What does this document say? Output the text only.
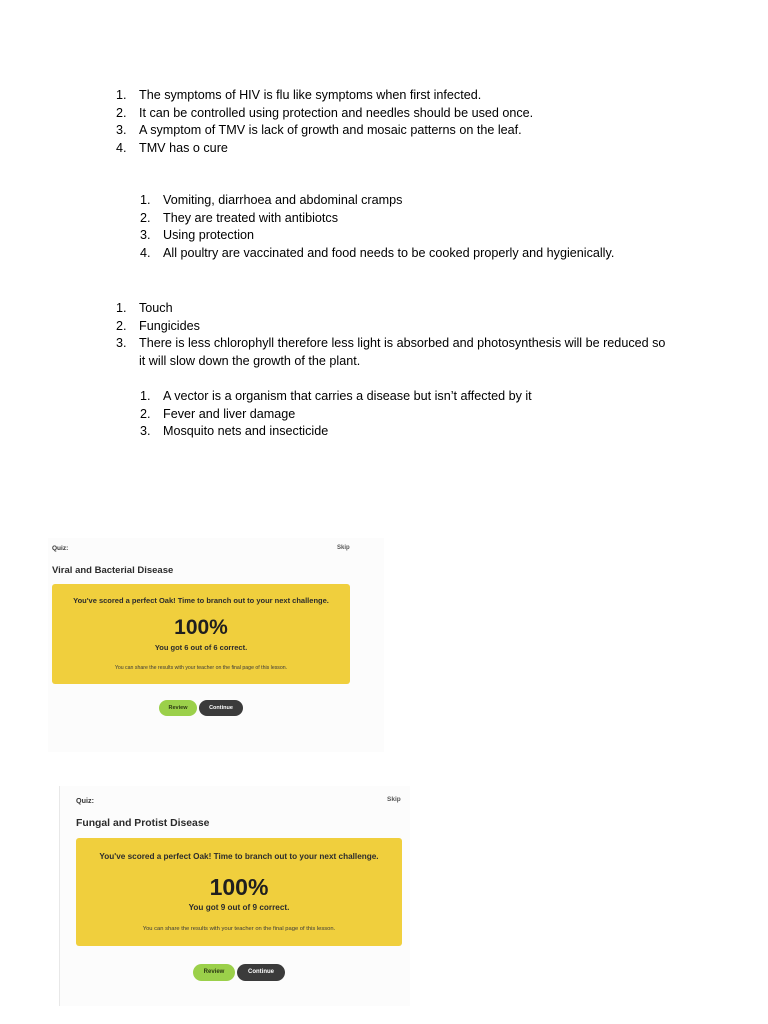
1. The symptoms of HIV is flu like symptoms when first infected.
2. It can be controlled using protection and needles should be used once.
3. A symptom of TMV is lack of growth and mosaic patterns on the leaf.
4. TMV has o cure
1. Vomiting, diarrhoea and abdominal cramps
2. They are treated with antibiotcs
3. Using protection
4. All poultry are vaccinated and food needs to be cooked properly and hygienically.
1. Touch
2. Fungicides
3. There is less chlorophyll therefore less light is absorbed and photosynthesis will be reduced so it will slow down the growth of the plant.
1. A vector is a organism that carries a disease but isn’t affected by it
2. Fever and liver damage
3. Mosquito nets and insecticide
Quiz:	Skip
Viral and Bacterial Disease
You've scored a perfect Oak! Time to branch out to your next challenge.
100%
You got 6 out of 6 correct.
You can share the results with your teacher on the final page of this lesson.
Review	Continue
Quiz:	Skip
Fungal and Protist Disease
You've scored a perfect Oak! Time to branch out to your next challenge.
100%
You got 9 out of 9 correct.
You can share the results with your teacher on the final page of this lesson.
Review	Continue
